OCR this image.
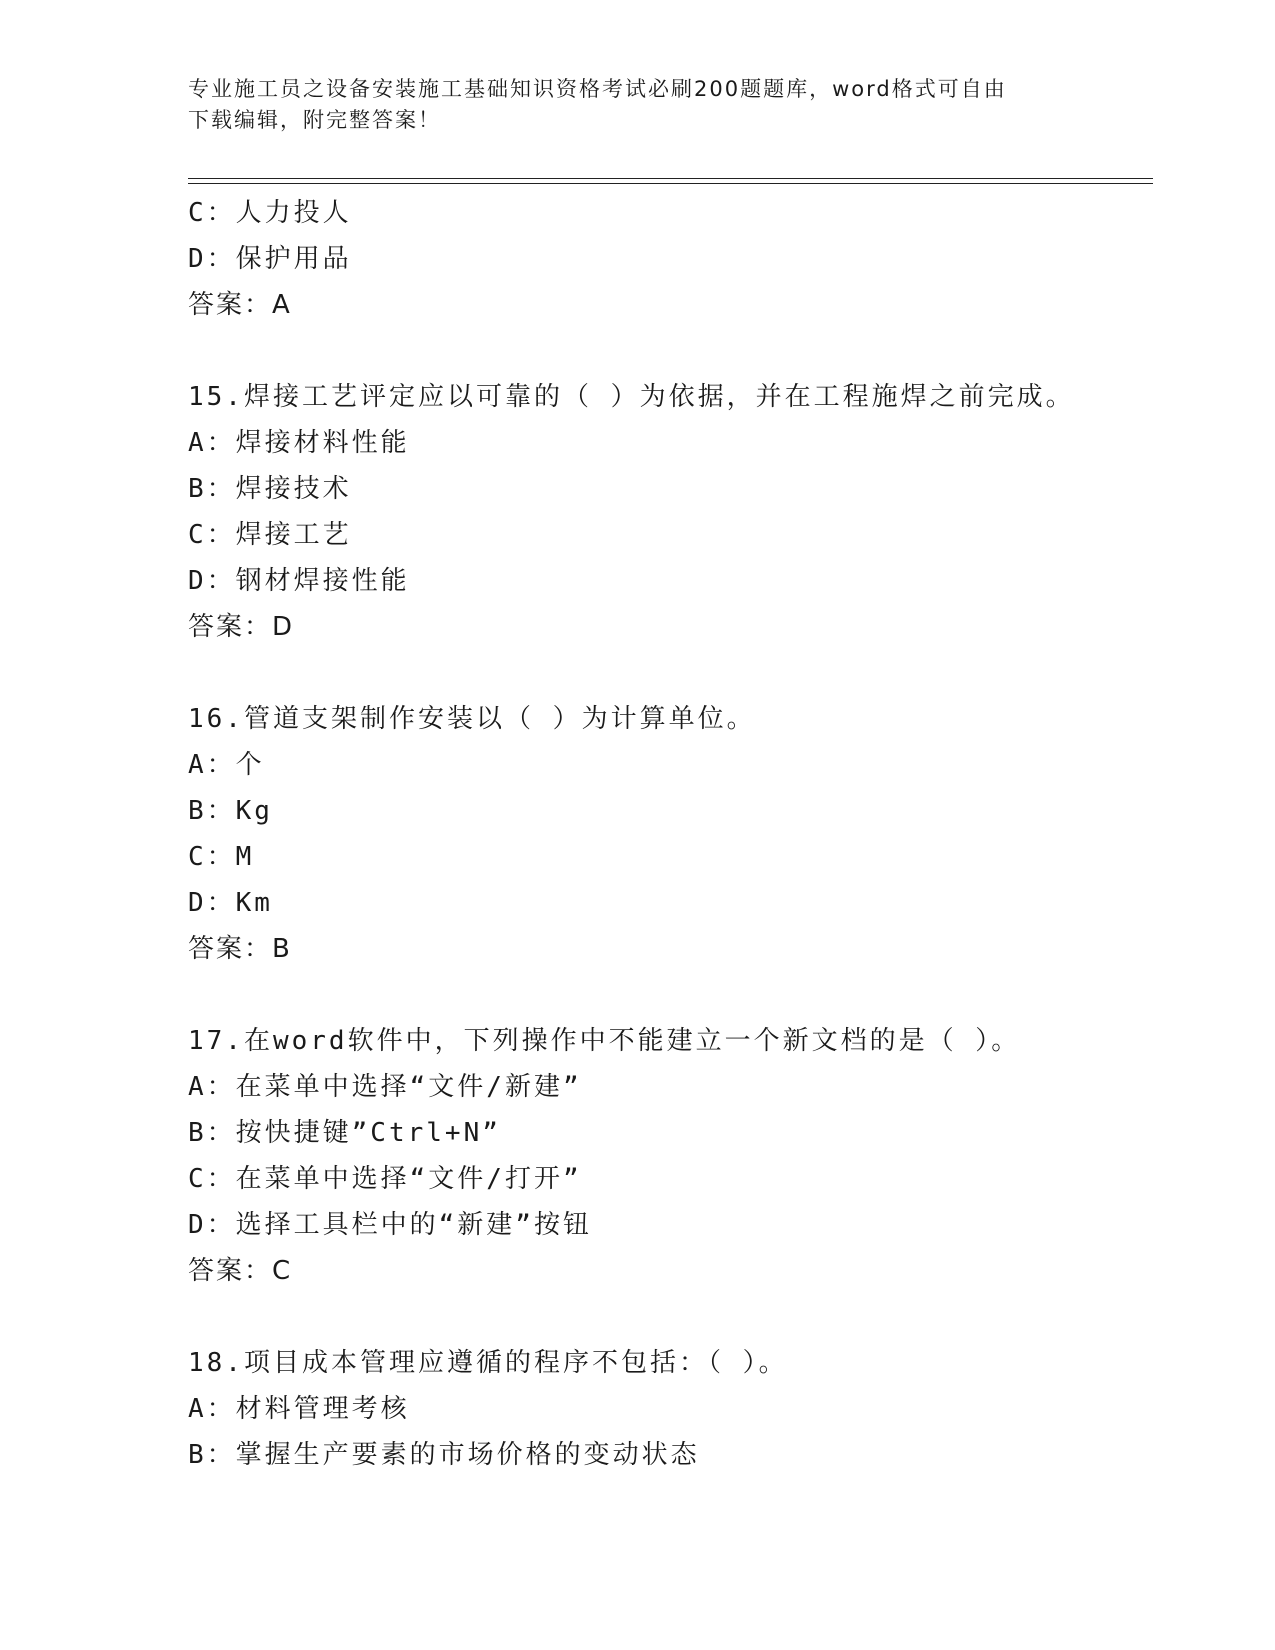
专业施工员之设备安装施工基础知识资格考试必刷200题题库，word格式可自由
下载编辑，附完整答案！
C：人力投人
D：保护用品
答案：A
15.焊接工艺评定应以可靠的（ ）为依据，并在工程施焊之前完成。
A：焊接材料性能
B：焊接技术
C：焊接工艺
D：钢材焊接性能
答案：D
16.管道支架制作安装以（ ）为计算单位。
A：个
B：Kg
C：M
D：Km
答案：B
17.在word软件中，下列操作中不能建立一个新文档的是（ ）。
A：在菜单中选择“文件/新建”
B：按快捷键”Ctrl+N”
C：在菜单中选择“文件/打开”
D：选择工具栏中的“新建”按钮
答案：C
18.项目成本管理应遵循的程序不包括：（ ）。
A：材料管理考核
B：掌握生产要素的市场价格的变动状态
